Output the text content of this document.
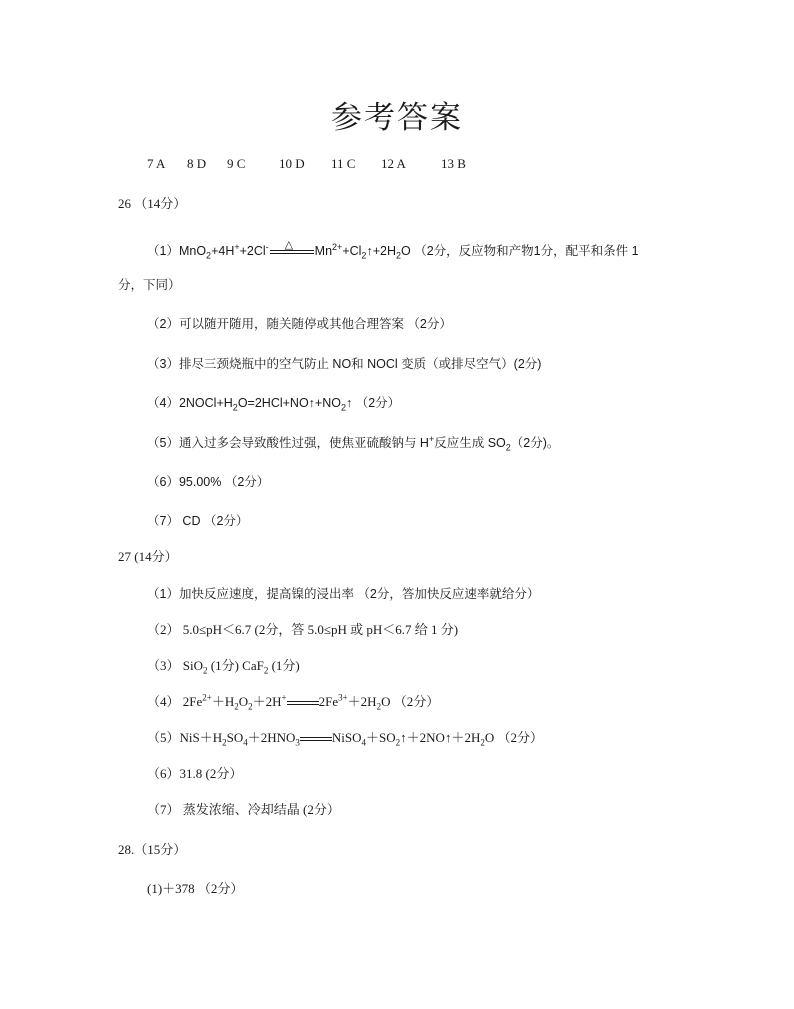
参考答案
7 A 8 D 9 C	10 D 11 C 12 A	13 B
26 （14分）
（1）MnO$_2$+4H++2Cl- △ $Mn^{2+}+Cl_2↑+2H_2O$ （2分，反应物和产物1分，配平和条件 1
分，下同）
（2）可以随开随用，随关随停或其他合理答案 （2分）
（3）排尽三颈烧瓶中的空气防止 NO和 NOCl 变质（或排尽空气）(2分)
$(4)2NOCl+H_2O=2HCl+NO↑+NO_2↑$ （2分）
（5）通入过多会导致酸性过强，使焦亚硫酸钠与 H+反应生成 $SO_2(2$分)。
（6）95.00% （2分）
（7） CD （2分）
27 (14分）
（1）加快反应速度，提高镍的浸出率 （2分，答加快反应速率就给分）
（2） 5.0≤pH＜6.7 (2分，答 5.0≤pH 或 pH＜6.7 给 1 分)
（3） SiO$_2$ (1分) CaF$_2$ (1分)
（4） $2Fe^{2+}+H_2O_2+2H^+$ $2Fe^{3+}+2H_2O$ （2分）
$(5)NiS+H_2SO_4+2HNO_3$ $NiSO_4+SO_2↑+2NO↑+2H_2O$ （2分）
（6）31.8 (2分）
（7） 蒸发浓缩、冷却结晶 (2分）
28.（15分）
(1)＋378 （2分）
